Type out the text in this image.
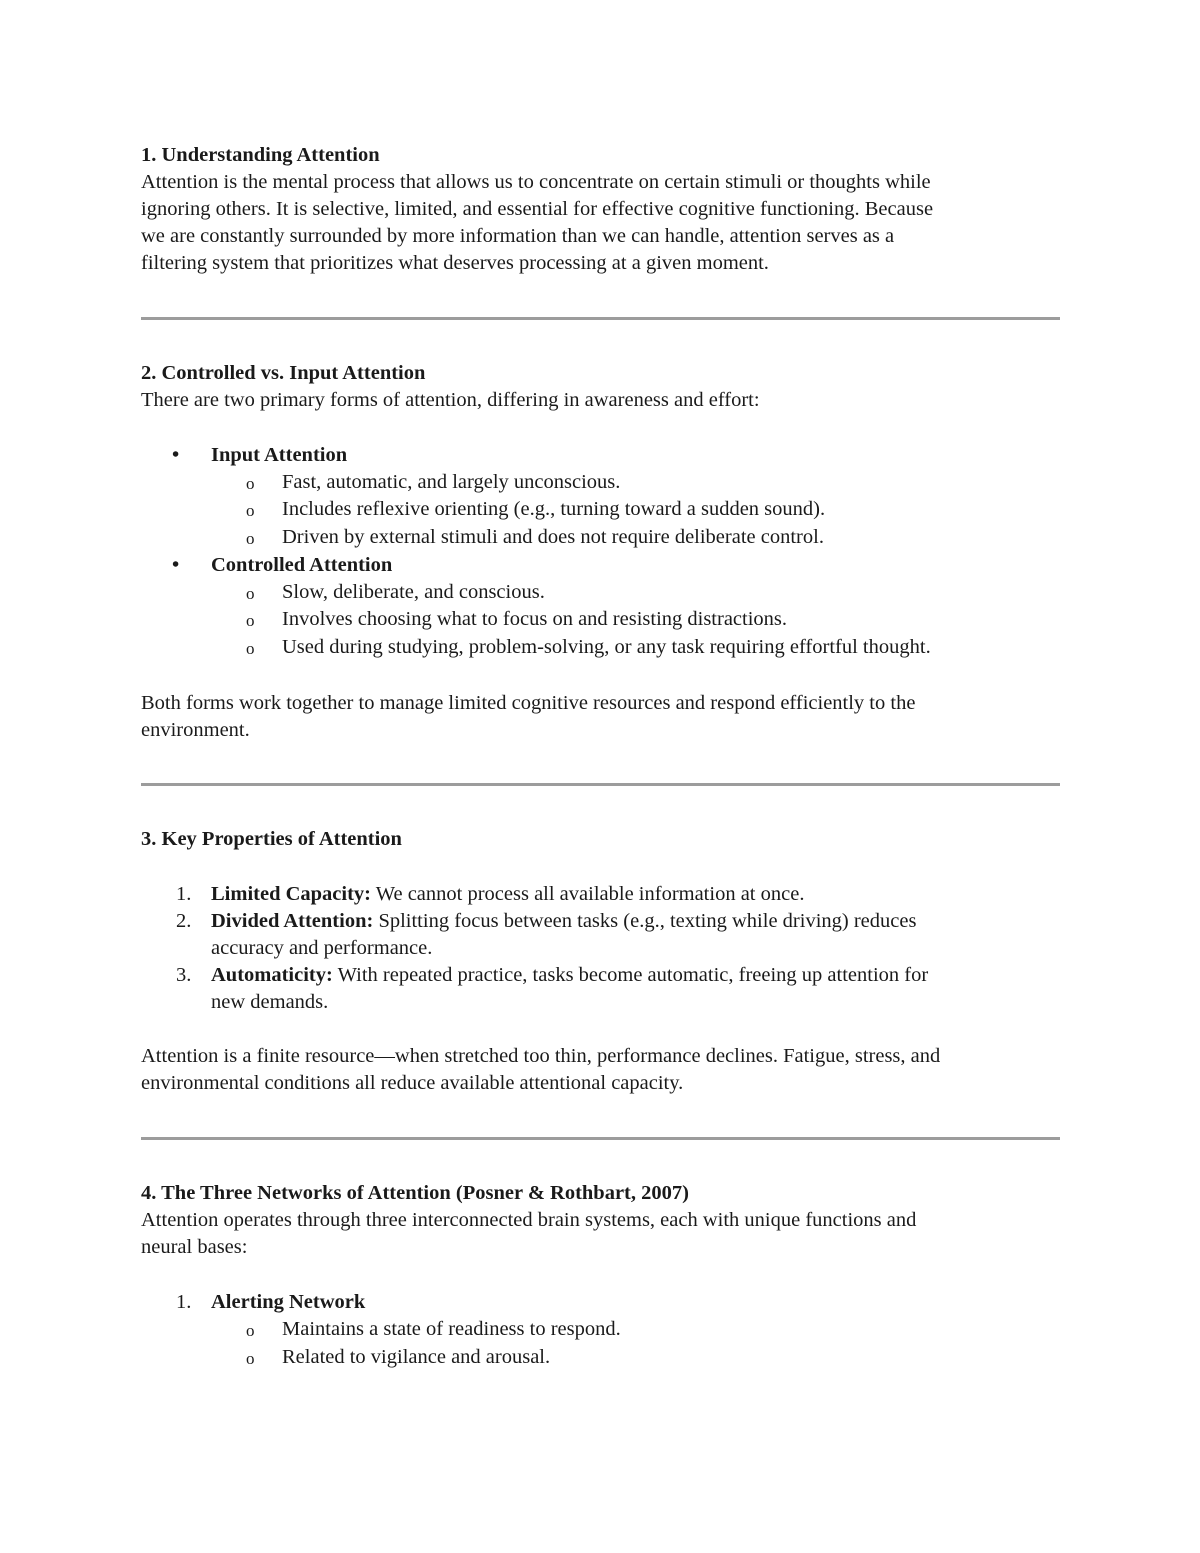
1. Understanding Attention
Attention is the mental process that allows us to concentrate on certain stimuli or thoughts while
ignoring others. It is selective, limited, and essential for effective cognitive functioning. Because
we are constantly surrounded by more information than we can handle, attention serves as a
filtering system that prioritizes what deserves processing at a given moment.
2. Controlled vs. Input Attention
There are two primary forms of attention, differing in awareness and effort:
•	Input Attention
o Fast, automatic, and largely unconscious.
o Includes reflexive orienting (e.g., turning toward a sudden sound).
o Driven by external stimuli and does not require deliberate control.
•	Controlled Attention
o Slow, deliberate, and conscious.
o Involves choosing what to focus on and resisting distractions.
o Used during studying, problem-solving, or any task requiring effortful thought.
Both forms work together to manage limited cognitive resources and respond efficiently to the
environment.
3. Key Properties of Attention
1. Limited Capacity: We cannot process all available information at once.
2. Divided Attention: Splitting focus between tasks (e.g., texting while driving) reduces
accuracy and performance.
3. Automaticity: With repeated practice, tasks become automatic, freeing up attention for
new demands.
Attention is a finite resource—when stretched too thin, performance declines. Fatigue, stress, and
environmental conditions all reduce available attentional capacity.
4. The Three Networks of Attention (Posner & Rothbart, 2007)
Attention operates through three interconnected brain systems, each with unique functions and
neural bases:
1. Alerting Network
o Maintains a state of readiness to respond.
o Related to vigilance and arousal.
